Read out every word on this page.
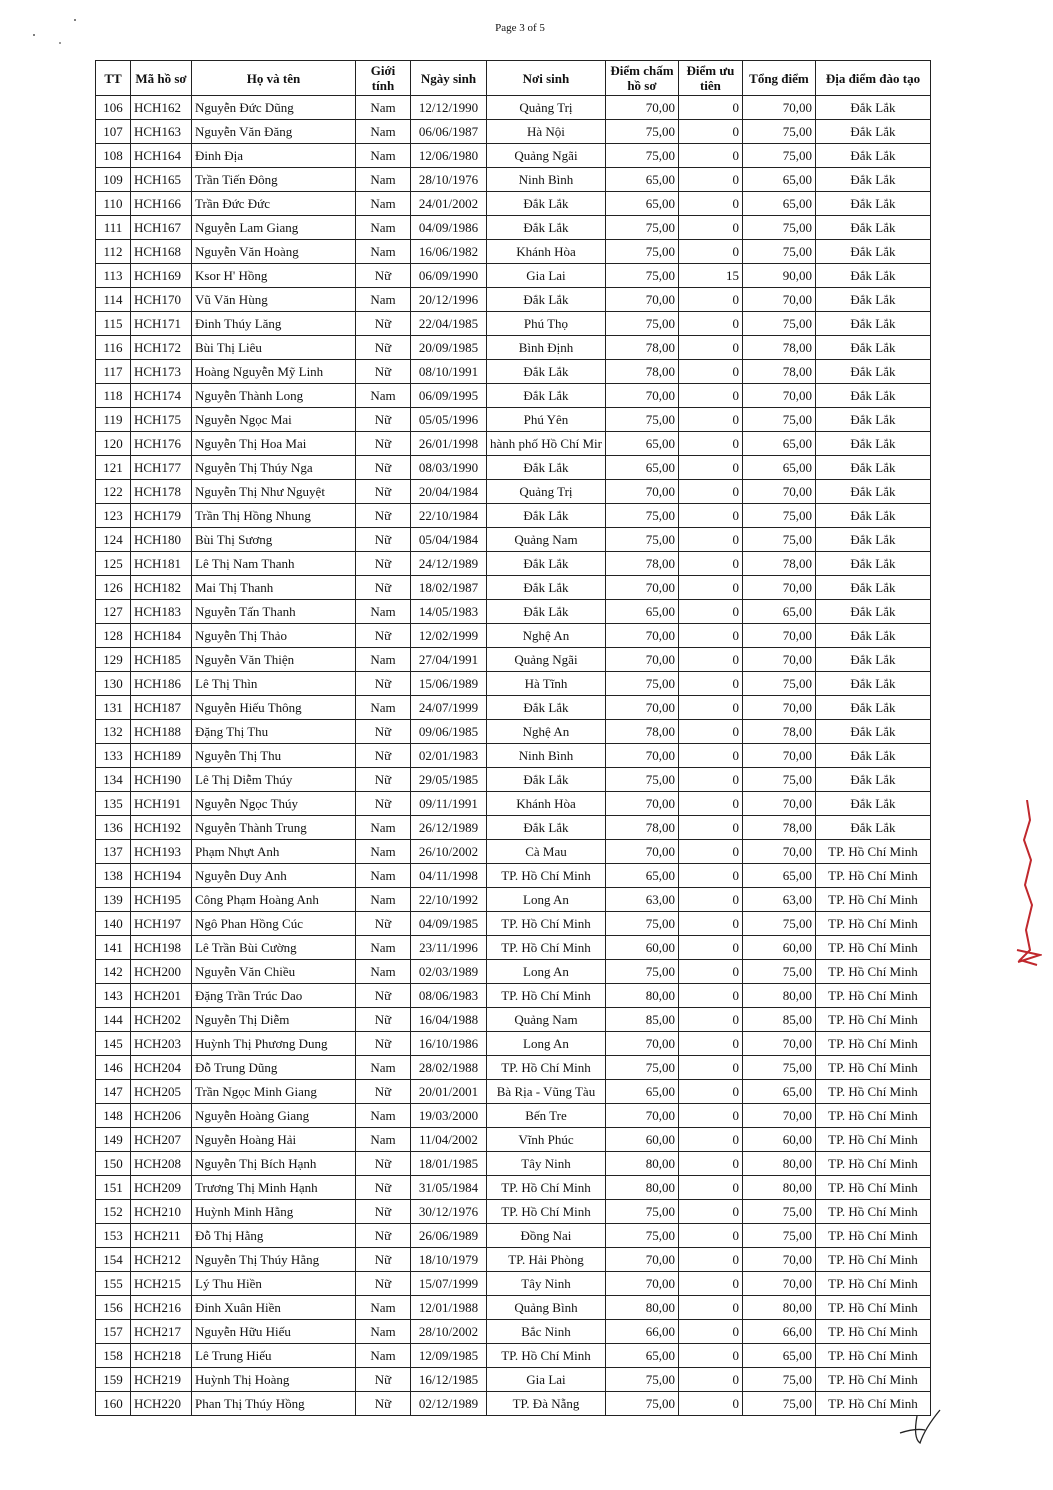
Page 3 of 5
TT	Mã hồ sơ	Họ và tên	Giới tính	Ngày sinh	Nơi sinh	Điểm chấm hồ sơ	Điểm ưu tiên	Tổng điểm	Địa điểm đào tạo
106	HCH162	Nguyễn Đức Dũng	Nam	12/12/1990	Quảng Trị	70,00	0	70,00	Đắk Lắk
107	HCH163	Nguyễn Văn Đăng	Nam	06/06/1987	Hà Nội	75,00	0	75,00	Đắk Lắk
108	HCH164	Đinh Địa	Nam	12/06/1980	Quảng Ngãi	75,00	0	75,00	Đắk Lắk
109	HCH165	Trần Tiến Đông	Nam	28/10/1976	Ninh Bình	65,00	0	65,00	Đắk Lắk
110	HCH166	Trần Đức Đức	Nam	24/01/2002	Đắk Lắk	65,00	0	65,00	Đắk Lắk
111	HCH167	Nguyễn Lam Giang	Nam	04/09/1986	Đắk Lắk	75,00	0	75,00	Đắk Lắk
112	HCH168	Nguyễn Văn Hoàng	Nam	16/06/1982	Khánh Hòa	75,00	0	75,00	Đắk Lắk
113	HCH169	Ksor H' Hồng	Nữ	06/09/1990	Gia Lai	75,00	15	90,00	Đắk Lắk
114	HCH170	Vũ Văn Hùng	Nam	20/12/1996	Đắk Lắk	70,00	0	70,00	Đắk Lắk
115	HCH171	Đinh Thúy Lăng	Nữ	22/04/1985	Phú Thọ	75,00	0	75,00	Đắk Lắk
116	HCH172	Bùi Thị Liêu	Nữ	20/09/1985	Bình Định	78,00	0	78,00	Đắk Lắk
117	HCH173	Hoàng Nguyễn Mỹ Linh	Nữ	08/10/1991	Đắk Lắk	78,00	0	78,00	Đắk Lắk
118	HCH174	Nguyễn Thành Long	Nam	06/09/1995	Đắk Lắk	70,00	0	70,00	Đắk Lắk
119	HCH175	Nguyễn Ngọc Mai	Nữ	05/05/1996	Phú Yên	75,00	0	75,00	Đắk Lắk
120	HCH176	Nguyễn Thị Hoa Mai	Nữ	26/01/1998	hành phố Hồ Chí Mir	65,00	0	65,00	Đắk Lắk
121	HCH177	Nguyễn Thị Thúy Nga	Nữ	08/03/1990	Đắk Lắk	65,00	0	65,00	Đắk Lắk
122	HCH178	Nguyễn Thị Như Nguyệt	Nữ	20/04/1984	Quảng Trị	70,00	0	70,00	Đắk Lắk
123	HCH179	Trần Thị Hồng Nhung	Nữ	22/10/1984	Đắk Lắk	75,00	0	75,00	Đắk Lắk
124	HCH180	Bùi Thị Sương	Nữ	05/04/1984	Quảng Nam	75,00	0	75,00	Đắk Lắk
125	HCH181	Lê Thị Nam Thanh	Nữ	24/12/1989	Đắk Lắk	78,00	0	78,00	Đắk Lắk
126	HCH182	Mai Thị Thanh	Nữ	18/02/1987	Đắk Lắk	70,00	0	70,00	Đắk Lắk
127	HCH183	Nguyễn Tấn Thanh	Nam	14/05/1983	Đắk Lắk	65,00	0	65,00	Đắk Lắk
128	HCH184	Nguyễn Thị Thảo	Nữ	12/02/1999	Nghệ An	70,00	0	70,00	Đắk Lắk
129	HCH185	Nguyễn Văn Thiện	Nam	27/04/1991	Quảng Ngãi	70,00	0	70,00	Đắk Lắk
130	HCH186	Lê Thị Thìn	Nữ	15/06/1989	Hà Tĩnh	75,00	0	75,00	Đắk Lắk
131	HCH187	Nguyễn Hiếu Thông	Nam	24/07/1999	Đắk Lắk	70,00	0	70,00	Đắk Lắk
132	HCH188	Đặng Thị Thu	Nữ	09/06/1985	Nghệ An	78,00	0	78,00	Đắk Lắk
133	HCH189	Nguyễn Thị Thu	Nữ	02/01/1983	Ninh Bình	70,00	0	70,00	Đắk Lắk
134	HCH190	Lê Thị Diễm Thúy	Nữ	29/05/1985	Đắk Lắk	75,00	0	75,00	Đắk Lắk
135	HCH191	Nguyễn Ngọc Thúy	Nữ	09/11/1991	Khánh Hòa	70,00	0	70,00	Đắk Lắk
136	HCH192	Nguyễn Thành Trung	Nam	26/12/1989	Đắk Lắk	78,00	0	78,00	Đắk Lắk
137	HCH193	Phạm Nhựt Anh	Nam	26/10/2002	Cà Mau	70,00	0	70,00	TP. Hồ Chí Minh
138	HCH194	Nguyễn Duy Anh	Nam	04/11/1998	TP. Hồ Chí Minh	65,00	0	65,00	TP. Hồ Chí Minh
139	HCH195	Công Phạm Hoàng Anh	Nam	22/10/1992	Long An	63,00	0	63,00	TP. Hồ Chí Minh
140	HCH197	Ngô Phan Hồng Cúc	Nữ	04/09/1985	TP. Hồ Chí Minh	75,00	0	75,00	TP. Hồ Chí Minh
141	HCH198	Lê Trần Bùi Cường	Nam	23/11/1996	TP. Hồ Chí Minh	60,00	0	60,00	TP. Hồ Chí Minh
142	HCH200	Nguyễn Văn Chiều	Nam	02/03/1989	Long An	75,00	0	75,00	TP. Hồ Chí Minh
143	HCH201	Đặng Trần Trúc Dao	Nữ	08/06/1983	TP. Hồ Chí Minh	80,00	0	80,00	TP. Hồ Chí Minh
144	HCH202	Nguyễn Thị Diễm	Nữ	16/04/1988	Quảng Nam	85,00	0	85,00	TP. Hồ Chí Minh
145	HCH203	Huỳnh Thị Phương Dung	Nữ	16/10/1986	Long An	70,00	0	70,00	TP. Hồ Chí Minh
146	HCH204	Đỗ Trung Dũng	Nam	28/02/1988	TP. Hồ Chí Minh	75,00	0	75,00	TP. Hồ Chí Minh
147	HCH205	Trần Ngọc Minh Giang	Nữ	20/01/2001	Bà Rịa - Vũng Tàu	65,00	0	65,00	TP. Hồ Chí Minh
148	HCH206	Nguyễn Hoàng Giang	Nam	19/03/2000	Bến Tre	70,00	0	70,00	TP. Hồ Chí Minh
149	HCH207	Nguyễn Hoàng Hải	Nam	11/04/2002	Vĩnh Phúc	60,00	0	60,00	TP. Hồ Chí Minh
150	HCH208	Nguyễn Thị Bích Hạnh	Nữ	18/01/1985	Tây Ninh	80,00	0	80,00	TP. Hồ Chí Minh
151	HCH209	Trương Thị Minh Hạnh	Nữ	31/05/1984	TP. Hồ Chí Minh	80,00	0	80,00	TP. Hồ Chí Minh
152	HCH210	Huỳnh Minh Hằng	Nữ	30/12/1976	TP. Hồ Chí Minh	75,00	0	75,00	TP. Hồ Chí Minh
153	HCH211	Đỗ Thị Hằng	Nữ	26/06/1989	Đồng Nai	75,00	0	75,00	TP. Hồ Chí Minh
154	HCH212	Nguyễn Thị Thúy Hằng	Nữ	18/10/1979	TP. Hải Phòng	70,00	0	70,00	TP. Hồ Chí Minh
155	HCH215	Lý Thu Hiền	Nữ	15/07/1999	Tây Ninh	70,00	0	70,00	TP. Hồ Chí Minh
156	HCH216	Đinh Xuân Hiền	Nam	12/01/1988	Quảng Bình	80,00	0	80,00	TP. Hồ Chí Minh
157	HCH217	Nguyễn Hữu Hiếu	Nam	28/10/2002	Bắc Ninh	66,00	0	66,00	TP. Hồ Chí Minh
158	HCH218	Lê Trung Hiếu	Nam	12/09/1985	TP. Hồ Chí Minh	65,00	0	65,00	TP. Hồ Chí Minh
159	HCH219	Huỳnh Thị Hoàng	Nữ	16/12/1985	Gia Lai	75,00	0	75,00	TP. Hồ Chí Minh
160	HCH220	Phan Thị Thúy Hồng	Nữ	02/12/1989	TP. Đà Nẵng	75,00	0	75,00	TP. Hồ Chí Minh
